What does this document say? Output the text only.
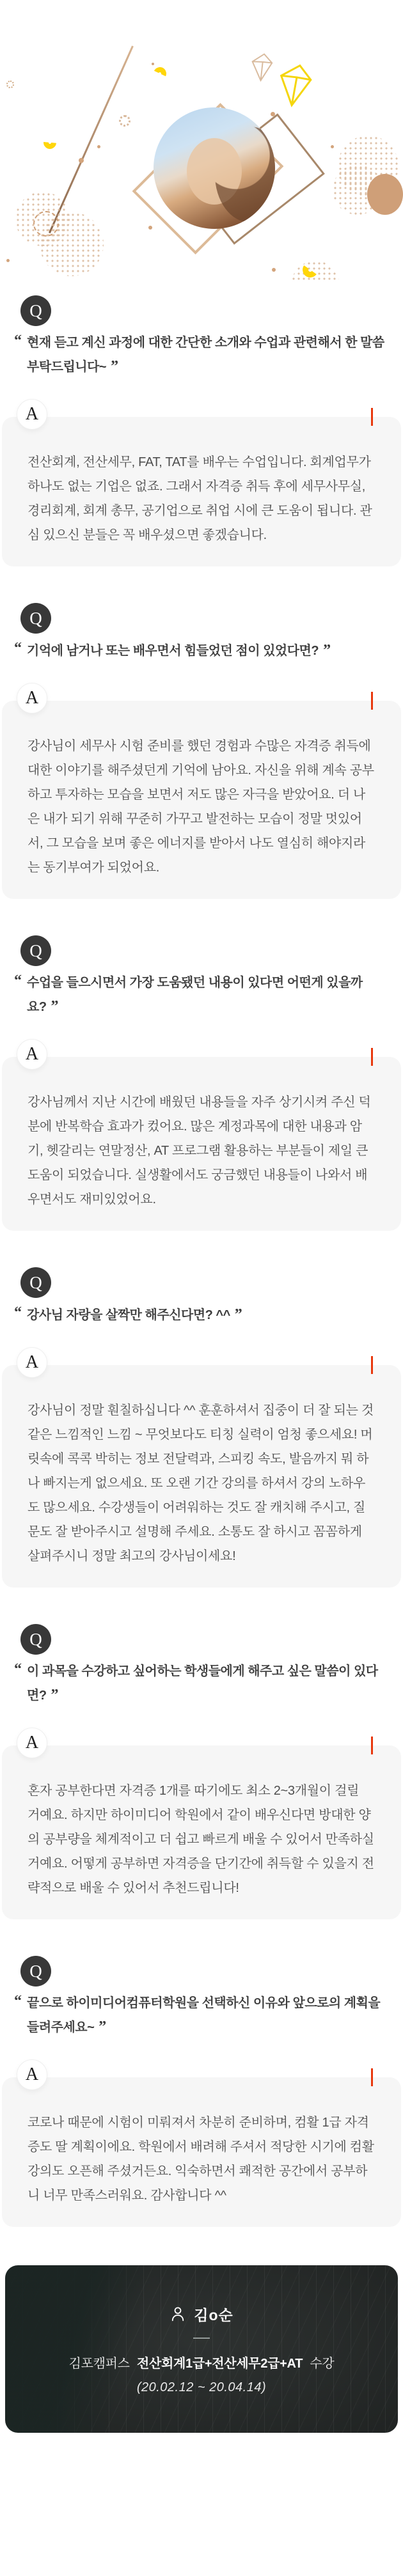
Q
“ 현재 듣고 계신 과정에 대한 간단한 소개와 수업과 관련해서 한 말씀 부탁드립니다~ ”
A
전산회계, 전산세무, FAT, TAT를 배우는 수업입니다. 회계업무가 하나도 없는 기업은 없죠. 그래서 자격증 취득 후에 세무사무실, 경리회계, 회계 총무, 공기업으로 취업 시에 큰 도움이 됩니다. 관심 있으신 분들은 꼭 배우셨으면 좋겠습니다.
Q
“ 기억에 남거나 또는 배우면서 힘들었던 점이 있었다면? ”
A
강사님이 세무사 시험 준비를 했던 경험과 수많은 자격증 취득에 대한 이야기를 해주셨던게 기억에 남아요. 자신을 위해 계속 공부하고 투자하는 모습을 보면서 저도 많은 자극을 받았어요. 더 나은 내가 되기 위해 꾸준히 가꾸고 발전하는 모습이 정말 멋있어서, 그 모습을 보며 좋은 에너지를 받아서 나도 열심히 해야지라는 동기부여가 되었어요.
Q
“ 수업을 들으시면서 가장 도움됐던 내용이 있다면 어떤게 있을까요? ”
A
강사님께서 지난 시간에 배웠던 내용들을 자주 상기시켜 주신 덕분에 반복학습 효과가 컸어요. 많은 계정과목에 대한 내용과 암기, 헷갈리는 연말정산, AT 프로그램 활용하는 부분들이 제일 큰 도움이 되었습니다. 실생활에서도 궁금했던 내용들이 나와서 배우면서도 재미있었어요.
Q
“ 강사님 자랑을 살짝만 해주신다면? ^^ ”
A
강사님이 정말 훤칠하십니다 ^^ 훈훈하셔서 집중이 더 잘 되는 것 같은 느낌적인 느낌 ~ 무엇보다도 티칭 실력이 엄청 좋으세요! 머릿속에 콕콕 박히는 정보 전달력과, 스피킹 속도, 발음까지 뭐 하나 빠지는게 없으세요. 또 오랜 기간 강의를 하셔서 강의 노하우도 많으세요. 수강생들이 어려워하는 것도 잘 캐치해 주시고, 질문도 잘 받아주시고 설명해 주세요. 소통도 잘 하시고 꼼꼼하게 살펴주시니 정말 최고의 강사님이세요!
Q
“ 이 과목을 수강하고 싶어하는 학생들에게 해주고 싶은 말씀이 있다면? ”
A
혼자 공부한다면 자격증 1개를 따기에도 최소 2~3개월이 걸릴 거예요. 하지만 하이미디어 학원에서 같이 배우신다면 방대한 양의 공부량을 체계적이고 더 쉽고 빠르게 배울 수 있어서 만족하실 거예요. 어떻게 공부하면 자격증을 단기간에 취득할 수 있을지 전략적으로 배울 수 있어서 추천드립니다!
Q
“ 끝으로 하이미디어컴퓨터학원을 선택하신 이유와 앞으로의 계획을 들려주세요~ ”
A
코로나 때문에 시험이 미뤄져서 차분히 준비하며, 컴활 1급 자격증도 딸 계획이에요. 학원에서 배려해 주셔서 적당한 시기에 컴활 강의도 오픈해 주셨거든요. 익숙하면서 쾌적한 공간에서 공부하니 너무 만족스러워요. 감사합니다 ^^
김o순
김포캠퍼스 전산회계1급+전산세무2급+AT 수강
(20.02.12 ~ 20.04.14)
